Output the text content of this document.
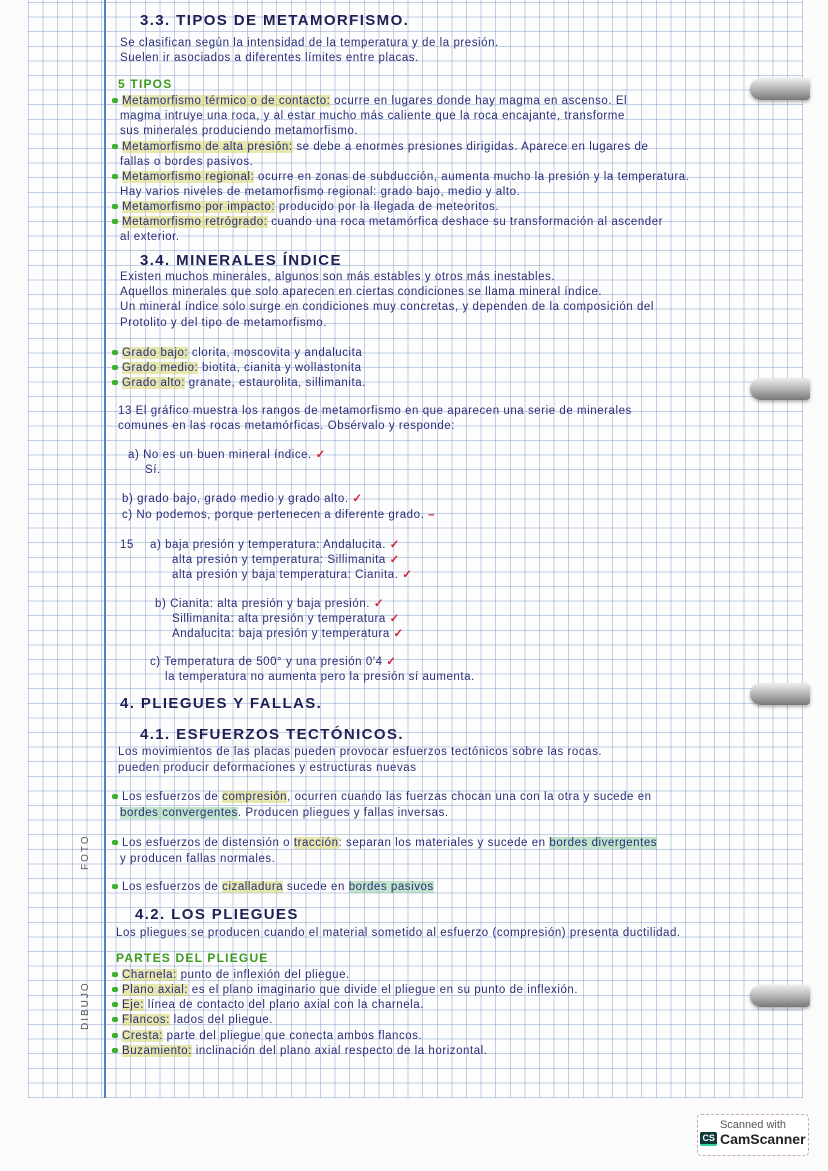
3.3. TIPOS DE METAMORFISMO.
Se clasifican según la intensidad de la temperatura y de la presión.
Suelen ir asociados a diferentes límites entre placas.
5 TIPOS
Metamorfismo térmico o de contacto: ocurre en lugares donde hay magma en ascenso. El
magma intruye una roca, y al estar mucho más caliente que la roca encajante, transforme
sus minerales produciendo metamorfismo.
Metamorfismo de alta presión: se debe a enormes presiones dirigidas. Aparece en lugares de
fallas o bordes pasivos.
Metamorfismo regional: ocurre en zonas de subducción, aumenta mucho la presión y la temperatura.
Hay varios niveles de metamorfismo regional: grado bajo, medio y alto.
Metamorfismo por impacto: producido por la llegada de meteoritos.
Metamorfismo retrógrado: cuando una roca metamórfica deshace su transformación al ascender
al exterior.
3.4. MINERALES ÍNDICE
Existen muchos minerales, algunos son más estables y otros más inestables.
Aquellos minerales que solo aparecen en ciertas condiciones se llama mineral índice.
Un mineral índice solo surge en condiciones muy concretas, y dependen de la composición del
Protolito y del tipo de metamorfismo.
Grado bajo: clorita, moscovita y andalucita
Grado medio: biotita, cianita y wollastonita
Grado alto: granate, estaurolita, sillimanita.
13 El gráfico muestra los rangos de metamorfismo en que aparecen una serie de minerales
comunes en las rocas metamórficas. Obsérvalo y responde:
a) No es un buen mineral índice. ✓
Sí.
b) grado bajo, grado medio y grado alto. ✓
c) No podemos, porque pertenecen a diferente grado. –
15 a) baja presión y temperatura: Andalucita. ✓
alta presión y temperatura: Sillimanita ✓
alta presión y baja temperatura: Cianita. ✓
b) Cianita: alta presión y baja presión. ✓
Sillimanita: alta presión y temperatura ✓
Andalucita: baja presión y temperatura ✓
c) Temperatura de 500° y una presión 0'4 ✓
la temperatura no aumenta pero la presión sí aumenta.
4. PLIEGUES Y FALLAS.
4.1. ESFUERZOS TECTÓNICOS.
Los movimientos de las placas pueden provocar esfuerzos tectónicos sobre las rocas.
pueden producir deformaciones y estructuras nuevas
Los esfuerzos de compresión, ocurren cuando las fuerzas chocan una con la otra y sucede en
bordes convergentes. Producen pliegues y fallas inversas.
Los esfuerzos de distensión o tracción: separan los materiales y sucede en bordes divergentes
y producen fallas normales.
Los esfuerzos de cizalladura sucede en bordes pasivos
4.2. LOS PLIEGUES
Los pliegues se producen cuando el material sometido al esfuerzo (compresión) presenta ductilidad.
PARTES DEL PLIEGUE
Charnela: punto de inflexión del pliegue.
Plano axial: es el plano imaginario que divide el pliegue en su punto de inflexión.
Eje: línea de contacto del plano axial con la charnela.
Flancos: lados del pliegue.
Cresta: parte del pliegue que conecta ambos flancos.
Buzamiento: inclinación del plano axial respecto de la horizontal.
FOTO
DIBUJO
Scanned with
CS CamScanner
